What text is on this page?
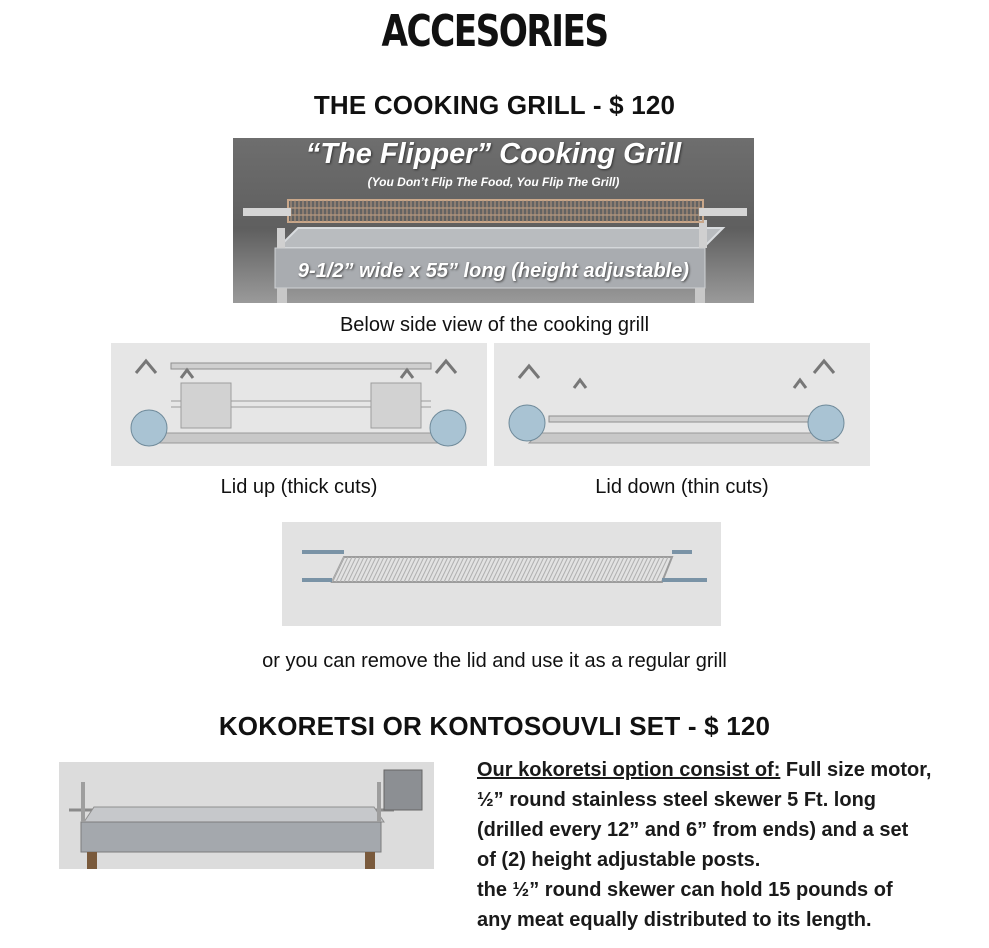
ACCESORIES
THE COOKING GRILL - $ 120
“The Flipper” Cooking Grill
(You Don’t Flip The Food, You Flip The Grill)
9-1/2” wide x 55” long (height adjustable)
Below side view of the cooking grill
Lid up (thick cuts)	Lid down (thin cuts)
or you can remove the lid and use it as a regular grill
KOKORETSI OR KONTOSOUVLI SET - $ 120
Our kokoretsi option consist of: Full size motor,
½” round stainless steel skewer 5 Ft. long
(drilled every 12” and 6” from ends) and a set
of (2) height adjustable posts.
the ½” round skewer can hold 15 pounds of
any meat equally distributed to its length.
